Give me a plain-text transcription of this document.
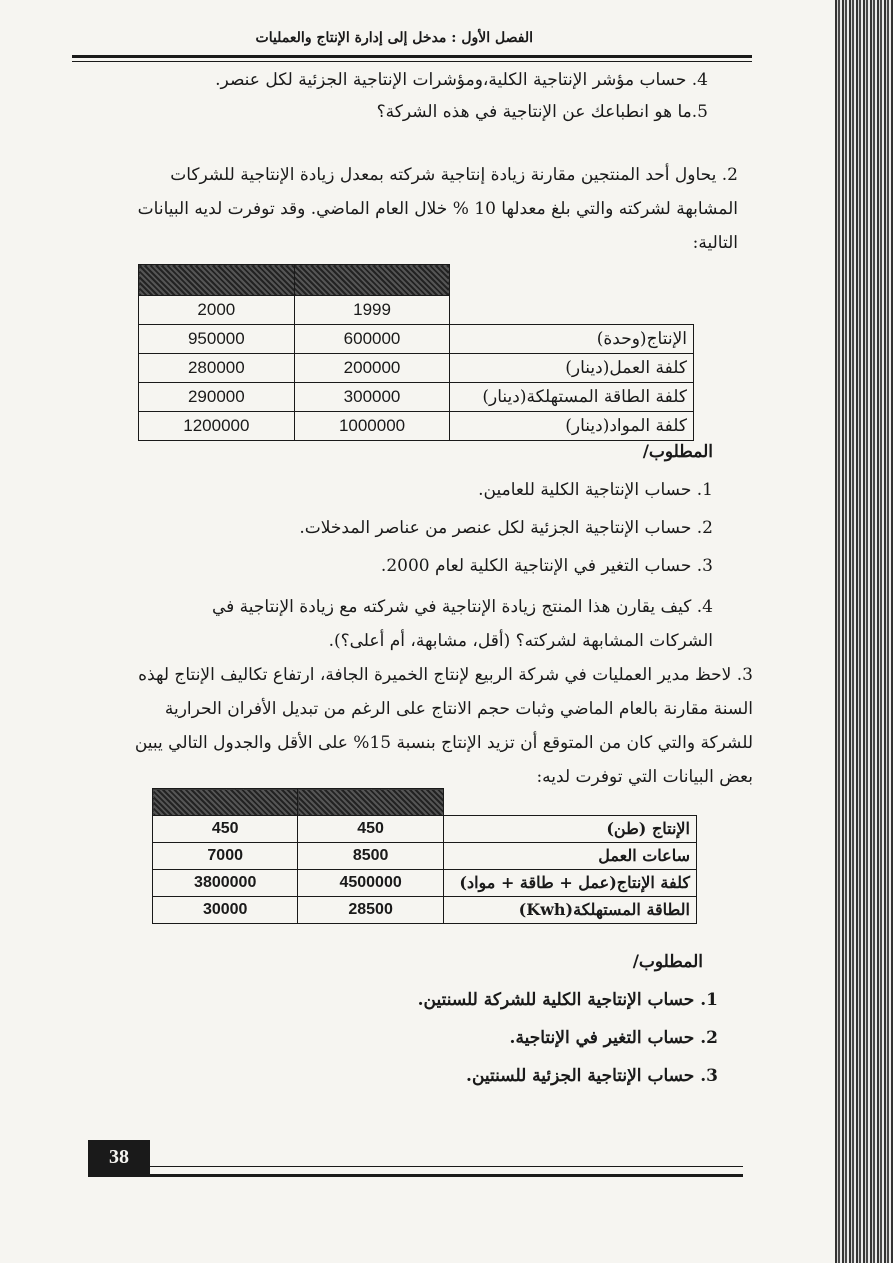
الفصل الأول : مدخل إلى إدارة الإنتاج والعمليات
4. حساب مؤشر الإنتاجية الكلية،ومؤشرات الإنتاجية الجزئية لكل عنصر.
5.ما هو انطباعك عن الإنتاجية في هذه الشركة؟
2. يحاول أحد المنتجين مقارنة زيادة إنتاجية شركته بمعدل زيادة الإنتاجية للشركات المشابهة لشركته والتي بلغ معدلها 10 % خلال العام الماضي. وقد توفرت لديه البيانات التالية:

2000	1999	
950000	600000	الإنتاج(وحدة)
280000	200000	كلفة العمل(دينار)
290000	300000	كلفة الطاقة المستهلكة(دينار)
1200000	1000000	كلفة المواد(دينار)
المطلوب/
1. حساب الإنتاجية الكلية للعامين.
2. حساب الإنتاجية الجزئية لكل عنصر من عناصر المدخلات.
3. حساب التغير في الإنتاجية الكلية لعام 2000.
4. كيف يقارن هذا المنتج زيادة الإنتاجية في شركته مع زيادة الإنتاجية في الشركات المشابهة لشركته؟ (أقل، مشابهة، أم أعلى؟).
3. لاحظ مدير العمليات في شركة الربيع لإنتاج الخميرة الجافة، ارتفاع تكاليف الإنتاج لهذه السنة مقارنة بالعام الماضي وثبات حجم الانتاج على الرغم من تبديل الأفران الحرارية للشركة والتي كان من المتوقع أن تزيد الإنتاج بنسبة 15% على الأقل والجدول التالي يبين بعض البيانات التي توفرت لديه:

450	450	الإنتاج (طن)
7000	8500	ساعات العمل
3800000	4500000	كلفة الإنتاج(عمل + طاقة + مواد)
30000	28500	الطاقة المستهلكة(Kwh)
المطلوب/
1. حساب الإنتاجية الكلية للشركة للسنتين.
2. حساب التغير في الإنتاجية.
3. حساب الإنتاجية الجزئية للسنتين.
38
